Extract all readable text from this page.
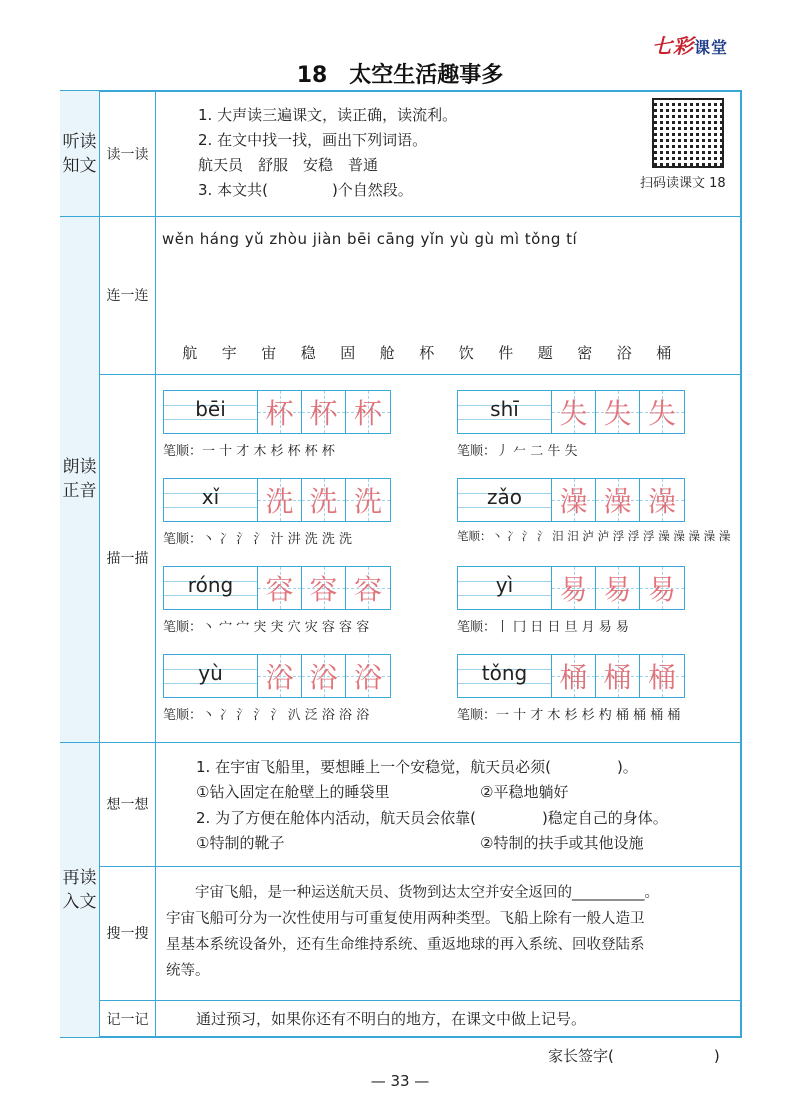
七彩课堂
18　太空生活趣事多
听读知文
朗读正音
再读入文
读一读
连一连
描一描
想一想
搜一搜
记一记
1. 大声读三遍课文，读正确，读流利。
2. 在文中找一找，画出下列词语。
航天员　舒服　安稳　普通
3. 本文共(	)个自然段。	扫码读课文 18
wěn háng yǔ zhòu jiàn bēi cāng yǐn yù gù mì tǒng tí
航	宇	宙	稳	固	舱	杯	饮	件	题	密	浴	桶
bēi	杯 杯 杯
笔顺：一 十 才 木 杉 杯 杯 杯
xǐ	洗 洗 洗
笔顺：丶 冫 氵 氵 汁 汫 洗 洗 洗
róng	容 容 容
笔顺：丶 宀 宀 宊 宊 穴 灾 容 容 容
yù	浴 浴 浴
笔顺：丶 冫 氵 氵 氵 汃 泛 浴 浴 浴
shī	失 失 失
笔顺：丿 𠂉 二 牛 失
zǎo	澡 澡 澡
笔顺：丶 冫 氵 氵 汨 汨 泸 泸 浮 浮 浮 澡 澡 澡 澡 澡
yì	易 易 易
笔顺：丨 冂 日 日 旦 月 易 易
tǒng	桶 桶 桶
笔顺：一 十 才 木 杉 杉 杓 桶 桶 桶 桶
1. 在宇宙飞船里，要想睡上一个安稳觉，航天员必须(	)。
①钻入固定在舱壁上的睡袋里	②平稳地躺好
2. 为了方便在舱体内活动，航天员会依靠(	)稳定自己的身体。
①特制的靴子	②特制的扶手或其他设施
　　宇宙飞船，是一种运送航天员、货物到达太空并安全返回的__________。
宇宙飞船可分为一次性使用与可重复使用两种类型。飞船上除有一般人造卫
星基本系统设备外，还有生命维持系统、重返地球的再入系统、回收登陆系
统等。
通过预习，如果你还有不明白的地方，在课文中做上记号。
家长签字(	)
— 33 —
